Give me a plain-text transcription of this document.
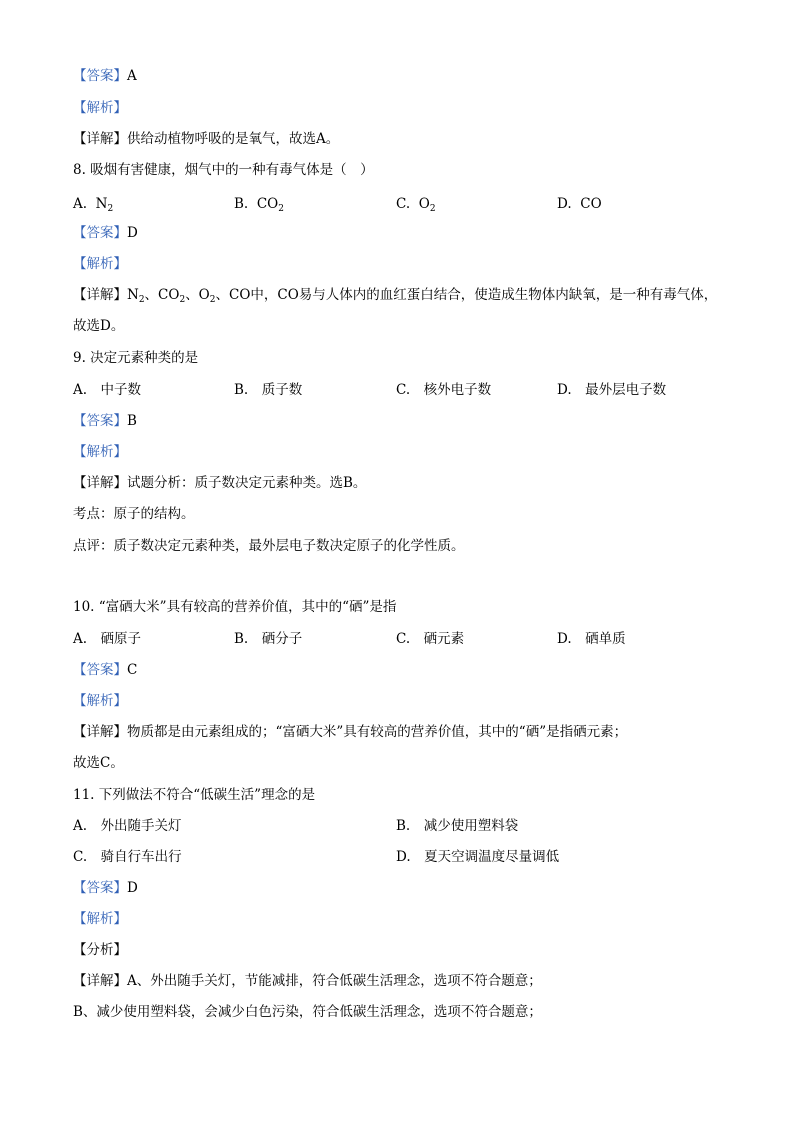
【答案】A
【解析】
【详解】供给动植物呼吸的是氧气，故选A。
8. 吸烟有害健康，烟气中的一种有毒气体是（　）
A. $N_2$	B. $CO_2$	C. $O_2$	D. CO
【答案】D
【解析】
【详解】$N_2$、$CO_2$、$O_2$、CO中，CO易与人体内的血红蛋白结合，使造成生物体内缺氧，是一种有毒气体，
故选D。
9. 决定元素种类的是
A.　中子数	B.　质子数	C.　核外电子数	D.　最外层电子数
【答案】B
【解析】
【详解】试题分析：质子数决定元素种类。选B。
考点：原子的结构。
点评：质子数决定元素种类，最外层电子数决定原子的化学性质。
10. “富硒大米”具有较高的营养价值，其中的“硒”是指
A.　硒原子	B.　硒分子	C.　硒元素	D.　硒单质
【答案】C
【解析】
【详解】物质都是由元素组成的；“富硒大米”具有较高的营养价值，其中的“硒”是指硒元素；
故选C。
11. 下列做法不符合“低碳生活”理念的是
A.　外出随手关灯	B.　减少使用塑料袋
C.　骑自行车出行	D.　夏天空调温度尽量调低
【答案】D
【解析】
【分析】
【详解】A、外出随手关灯，节能减排，符合低碳生活理念，选项不符合题意；
B、减少使用塑料袋，会减少白色污染，符合低碳生活理念，选项不符合题意；
